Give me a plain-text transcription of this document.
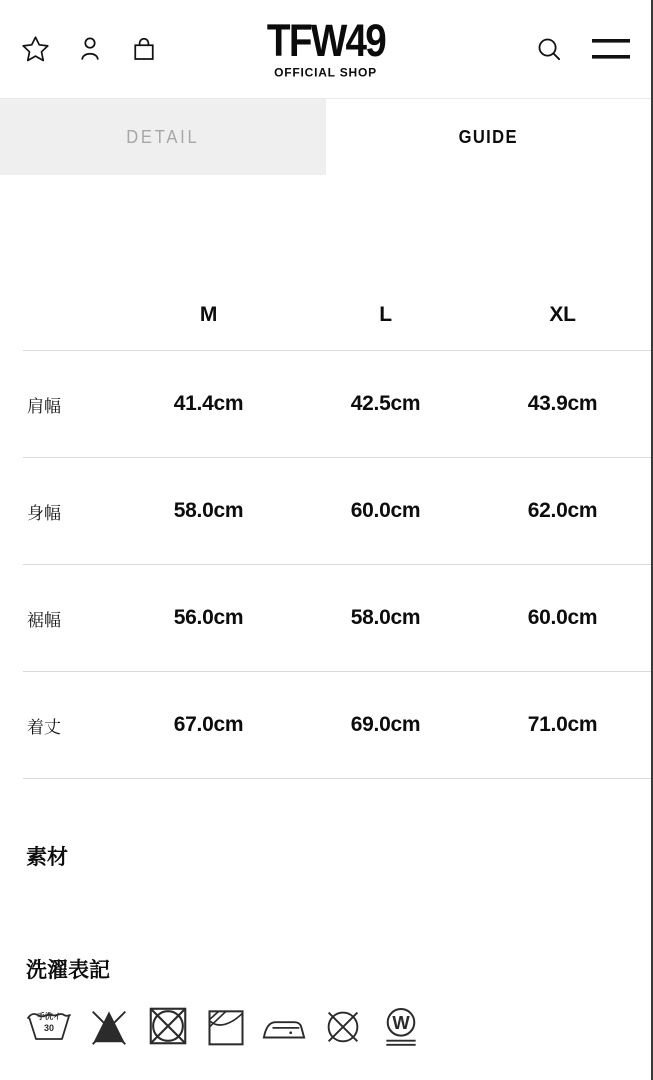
TFW49
OFFICIAL SHOP
DETAIL	GUIDE
M	L	XL
肩幅	41.4cm	42.5cm	43.9cm
身幅	58.0cm	60.0cm	62.0cm
裾幅	56.0cm	58.0cm	60.0cm
着丈	67.0cm	69.0cm	71.0cm
素材
洗濯表記
手洗イ
30	W
